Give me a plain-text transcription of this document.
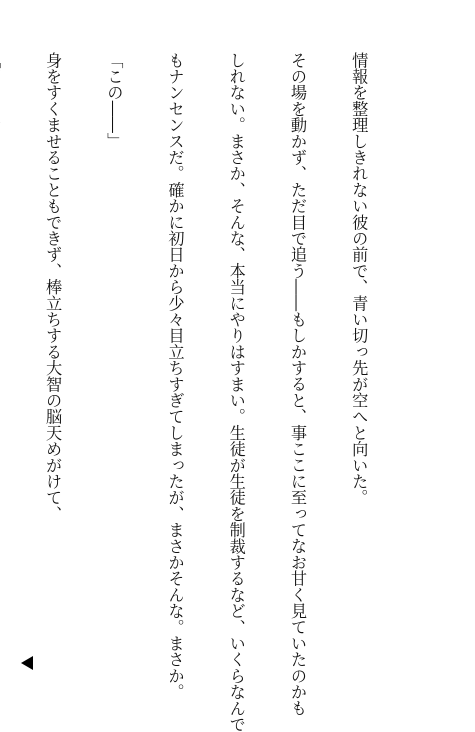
情報を整理しきれない彼の前で、青い切っ先が空へと向いた。

その場を動かず、ただ目で追う――もしかすると、事ここに至ってなお甘く見ていたのかも

しれない。まさか、そんな、本当にやりはすまい。生徒が生徒を制裁するなど、いくらなんで

もナンセンスだ。確かに初日から少々目立ちすぎてしまったが、まさかそんな。まさか。

「この――」

身をすくませることもできず、棒立ちする大智の脳天めがけて、
